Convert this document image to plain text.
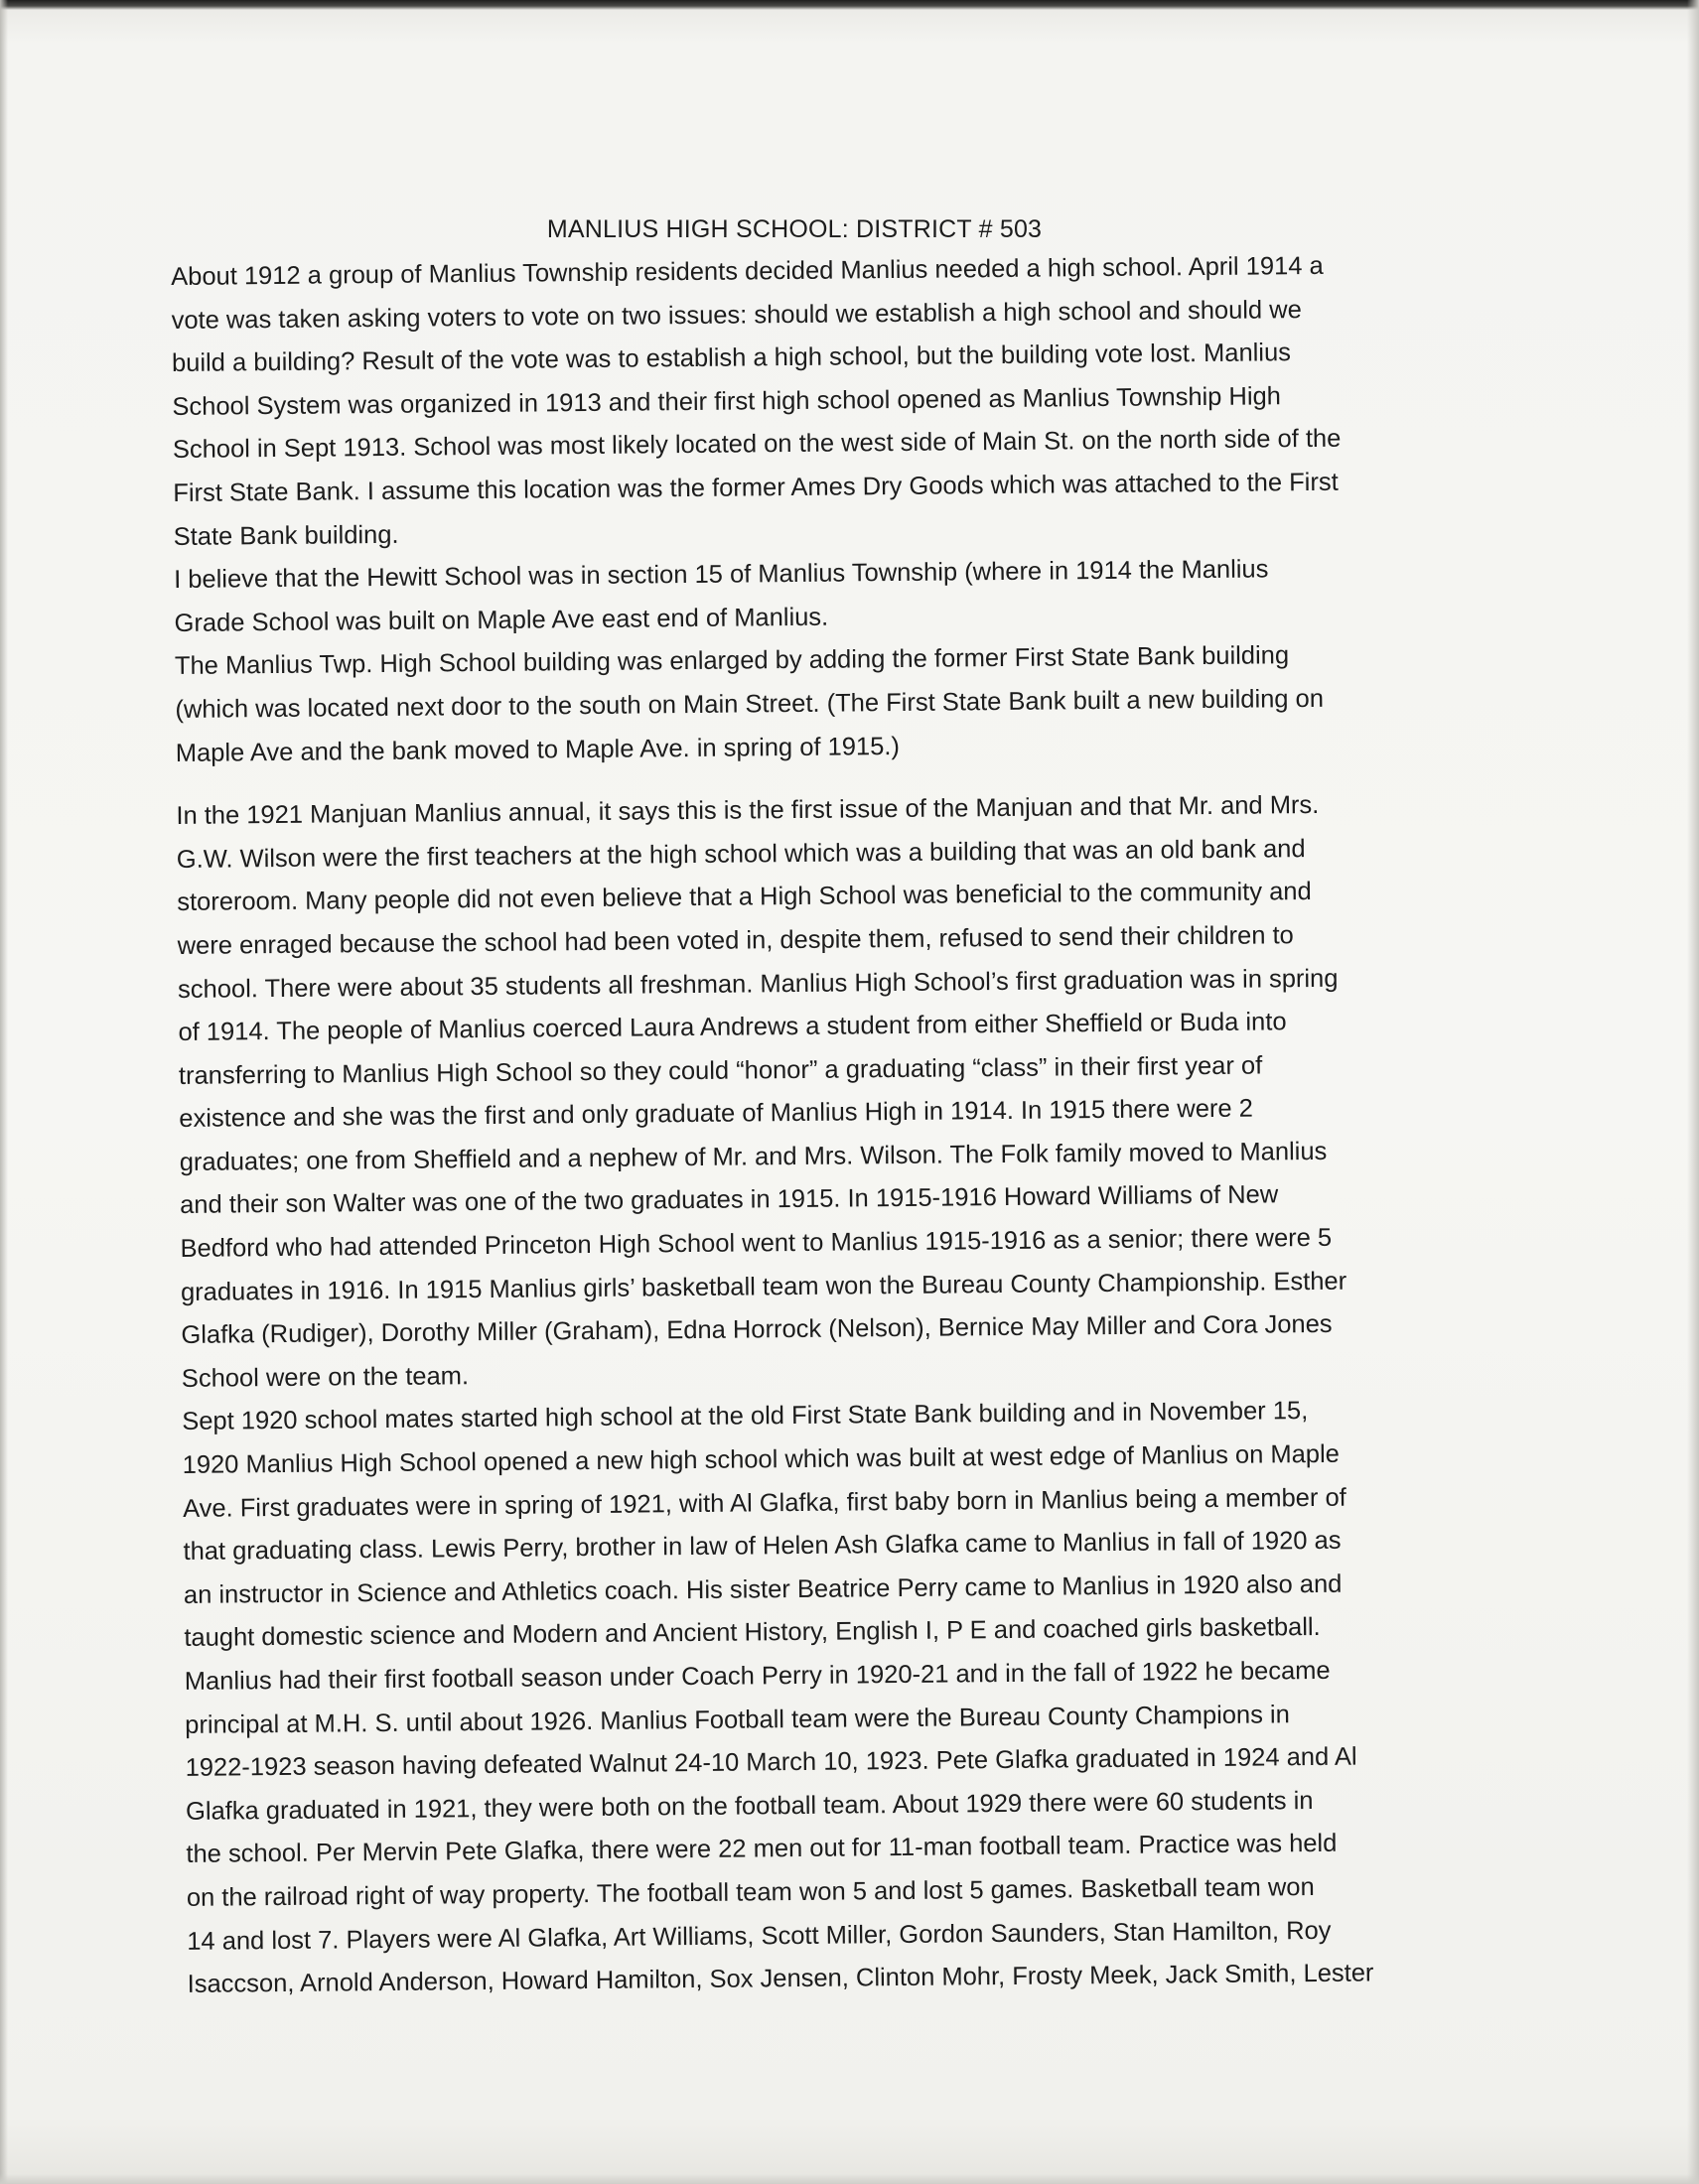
MANLIUS HIGH SCHOOL: DISTRICT # 503
About 1912 a group of Manlius Township residents decided Manlius needed a high school. April 1914 a
vote was taken asking voters to vote on two issues: should we establish a high school and should we
build a building? Result of the vote was to establish a high school, but the building vote lost. Manlius
School System was organized in 1913 and their first high school opened as Manlius Township High
School in Sept 1913. School was most likely located on the west side of Main St. on the north side of the
First State Bank. I assume this location was the former Ames Dry Goods which was attached to the First
State Bank building.
I believe that the Hewitt School was in section 15 of Manlius Township (where in 1914 the Manlius
Grade School was built on Maple Ave east end of Manlius.
The Manlius Twp. High School building was enlarged by adding the former First State Bank building
(which was located next door to the south on Main Street. (The First State Bank built a new building on
Maple Ave and the bank moved to Maple Ave. in spring of 1915.)
In the 1921 Manjuan Manlius annual, it says this is the first issue of the Manjuan and that Mr. and Mrs.
G.W. Wilson were the first teachers at the high school which was a building that was an old bank and
storeroom. Many people did not even believe that a High School was beneficial to the community and
were enraged because the school had been voted in, despite them, refused to send their children to
school. There were about 35 students all freshman. Manlius High School’s first graduation was in spring
of 1914. The people of Manlius coerced Laura Andrews a student from either Sheffield or Buda into
transferring to Manlius High School so they could “honor” a graduating “class” in their first year of
existence and she was the first and only graduate of Manlius High in 1914. In 1915 there were 2
graduates; one from Sheffield and a nephew of Mr. and Mrs. Wilson. The Folk family moved to Manlius
and their son Walter was one of the two graduates in 1915. In 1915-1916 Howard Williams of New
Bedford who had attended Princeton High School went to Manlius 1915-1916 as a senior; there were 5
graduates in 1916. In 1915 Manlius girls’ basketball team won the Bureau County Championship. Esther
Glafka (Rudiger), Dorothy Miller (Graham), Edna Horrock (Nelson), Bernice May Miller and Cora Jones
School were on the team.
Sept 1920 school mates started high school at the old First State Bank building and in November 15,
1920 Manlius High School opened a new high school which was built at west edge of Manlius on Maple
Ave. First graduates were in spring of 1921, with Al Glafka, first baby born in Manlius being a member of
that graduating class. Lewis Perry, brother in law of Helen Ash Glafka came to Manlius in fall of 1920 as
an instructor in Science and Athletics coach. His sister Beatrice Perry came to Manlius in 1920 also and
taught domestic science and Modern and Ancient History, English I, P E and coached girls basketball.
Manlius had their first football season under Coach Perry in 1920-21 and in the fall of 1922 he became
principal at M.H. S. until about 1926. Manlius Football team were the Bureau County Champions in
1922-1923 season having defeated Walnut 24-10 March 10, 1923. Pete Glafka graduated in 1924 and Al
Glafka graduated in 1921, they were both on the football team. About 1929 there were 60 students in
the school. Per Mervin Pete Glafka, there were 22 men out for 11-man football team. Practice was held
on the railroad right of way property. The football team won 5 and lost 5 games. Basketball team won
14 and lost 7. Players were Al Glafka, Art Williams, Scott Miller, Gordon Saunders, Stan Hamilton, Roy
Isaccson, Arnold Anderson, Howard Hamilton, Sox Jensen, Clinton Mohr, Frosty Meek, Jack Smith, Lester
